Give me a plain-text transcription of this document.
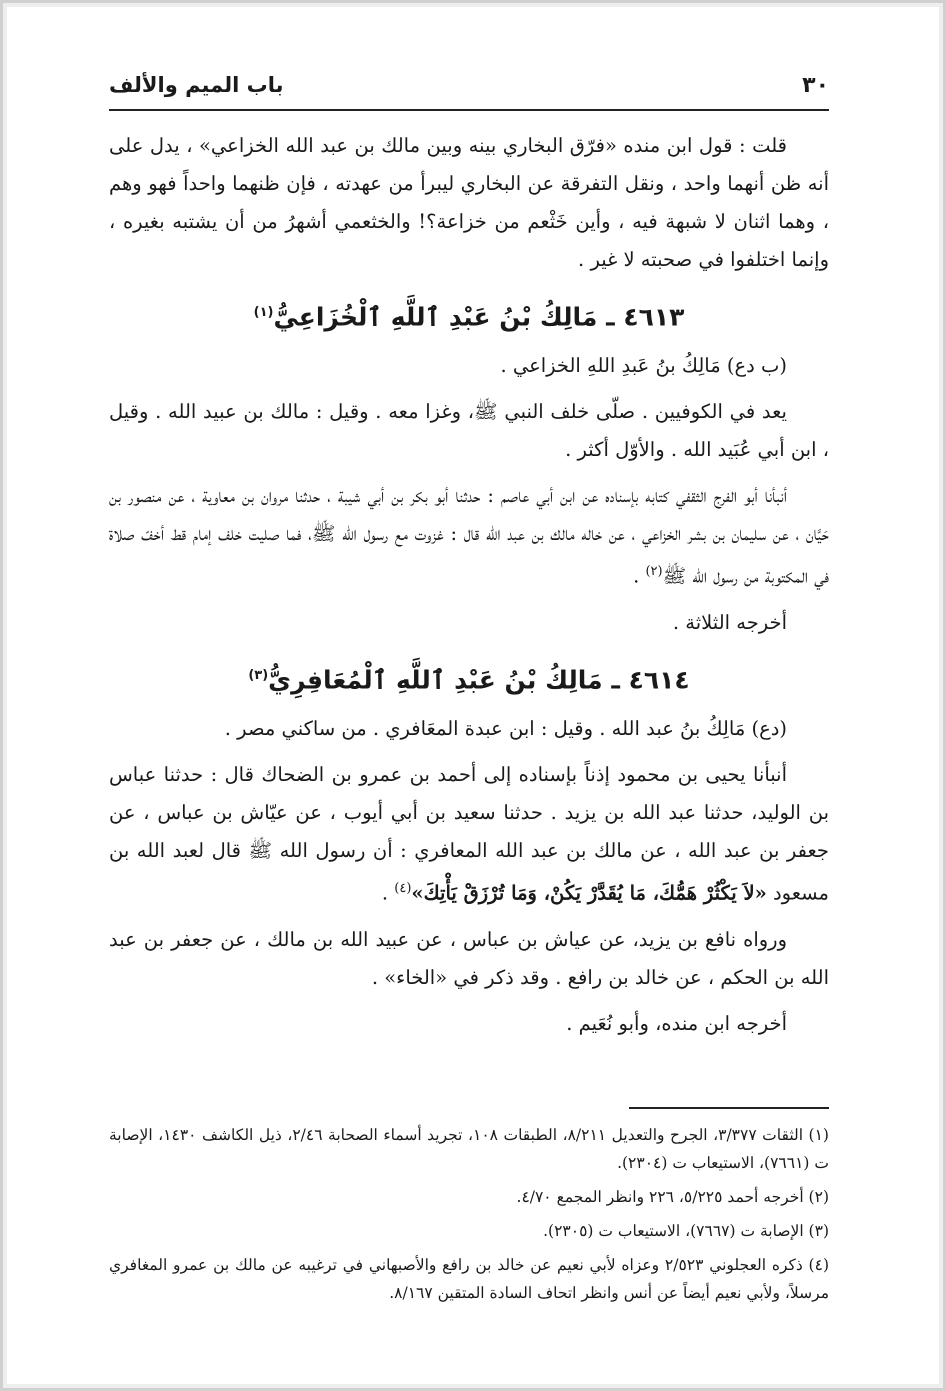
٣٠
باب الميم والألف

قلت : قول ابن منده «فرّق البخاري بينه وبين مالك بن عبد الله الخزاعي» ، يدل على أنه ظن أنهما واحد ، ونقل التفرقة عن البخاري ليبرأ من عهدته ، فإن ظنهما واحداً فهو وهم ، وهما اثنان لا شبهة فيه ، وأين خَثْعم من خزاعة؟! والخثعمي أشهرُ من أن يشتبه بغيره ، وإنما اختلفوا في صحبته لا غير .

٤٦١٣ ـ مَالِكُ بْنُ عَبْدِ ٱللَّهِ ٱلْخُزَاعِيُّ$^{(١)}$

(ب دع) مَالِكُ بنُ عَبدِ اللهِ الخزاعي .

يعد في الكوفيين . صلّى خلف النبي ﷺ، وغزا معه . وقيل : مالك بن عبيد الله . وقيل ، ابن أبي عُبَيد الله . والأوّل أكثر .

أنبأنا أبو الفرج الثقفي كتابه بإسناده عن ابن أبي عاصم : حدثنا أبو بكر بن أبي شيبة ، حدثنا مروان بن معاوية ، عن منصور بن حَيَّان ، عن سليمان بن بشر الخزاعي ، عن خاله مالك بن عبد الله قال : غزوت مع رسول الله ﷺ، فما صليت خلف إمام قط أخفّ صلاة في المكتوبة من رسول الله ﷺ$^{(٢)}$ .

أخرجه الثلاثة .

٤٦١٤ ـ مَالِكُ بْنُ عَبْدِ ٱللَّهِ ٱلْمُعَافِرِيُّ$^{(٣)}$

(دع) مَالِكُ بنُ عبد الله . وقيل : ابن عبدة المعَافري . من ساكني مصر .

أنبأنا يحيى بن محمود إذناً بإسناده إلى أحمد بن عمرو بن الضحاك قال : حدثنا عباس بن الوليد، حدثنا عبد الله بن يزيد . حدثنا سعيد بن أبي أيوب ، عن عيّاش بن عباس ، عن جعفر بن عبد الله ، عن مالك بن عبد الله المعافري : أن رسول الله ﷺ قال لعبد الله بن مسعود «لاَ يَكْثُرْ هَمُّكَ، مَا يُقَدَّرْ يَكُنْ، وَمَا تُرْزَقْ يَأْتِكَ»$^{(٤)}$ .

ورواه نافع بن يزيد، عن عياش بن عباس ، عن عبيد الله بن مالك ، عن جعفر بن عبد الله بن الحكم ، عن خالد بن رافع . وقد ذكر في «الخاء» .

أخرجه ابن منده، وأبو نُعَيم .

(١) الثقات ٣/٣٧٧، الجرح والتعديل ٨/٢١١، الطبقات ١٠٨، تجريد أسماء الصحابة ٢/٤٦، ذيل الكاشف ١٤٣٠، الإصابة ت (٧٦٦١)، الاستيعاب ت (٢٣٠٤).

(٢) أخرجه أحمد ٥/٢٢٥، ٢٢٦ وانظر المجمع ٤/٧٠.

(٣) الإصابة ت (٧٦٦٧)، الاستيعاب ت (٢٣٠٥).

(٤) ذكره العجلوني ٢/٥٢٣ وعزاه لأبي نعيم عن خالد بن رافع والأصبهاني في ترغيبه عن مالك بن عمرو المغافري مرسلاً، ولأبي نعيم أيضاً عن أنس وانظر اتحاف السادة المتقين ٨/١٦٧.
